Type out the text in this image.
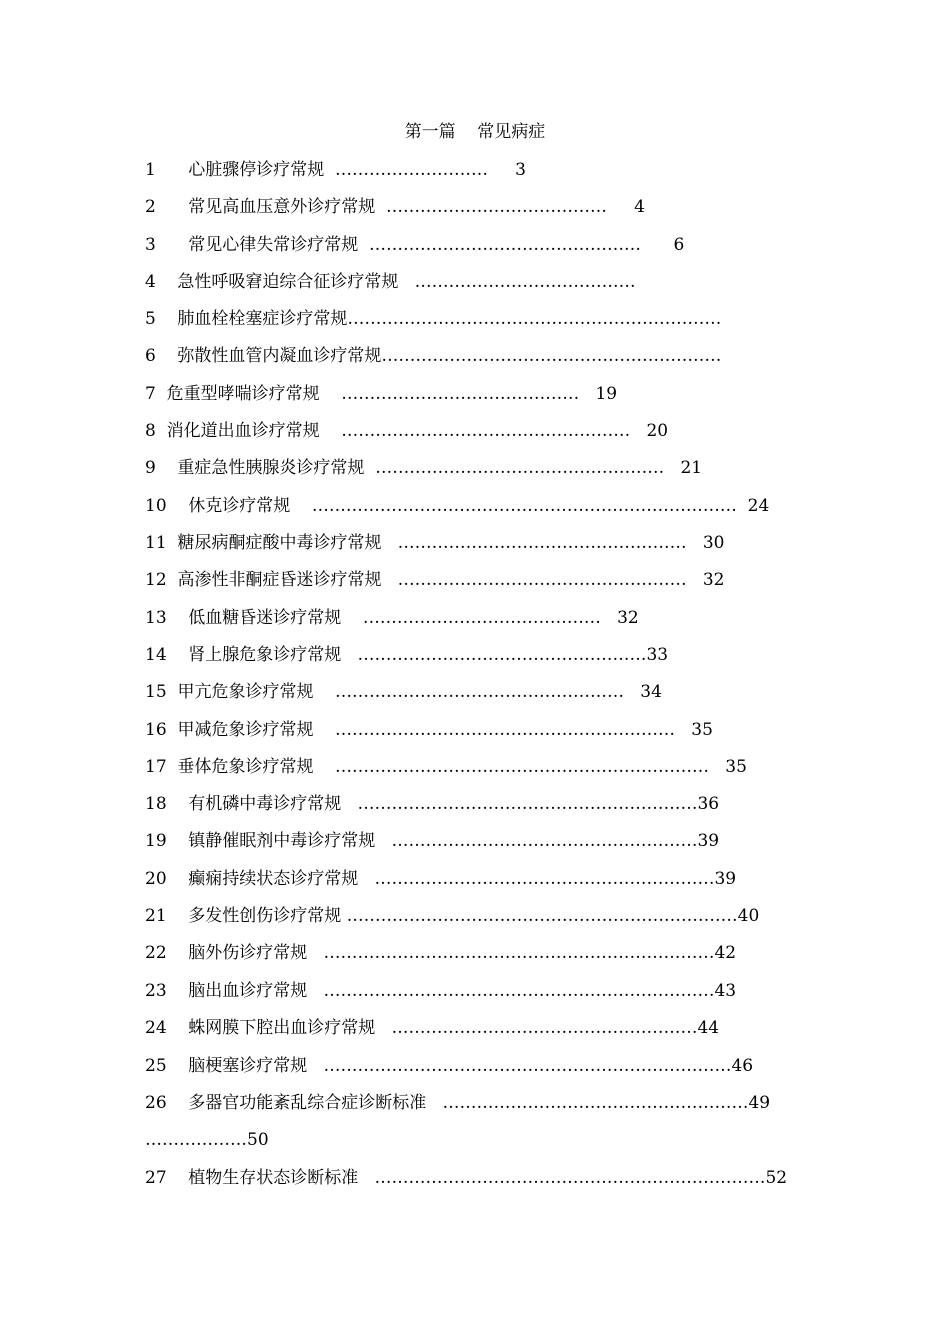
第一篇    常见病症
1      心脏骤停诊疗常规  ………………………     3
2      常见高血压意外诊疗常规  …………………………………     4
3      常见心律失常诊疗常规  …………………………………………      6
4    急性呼吸窘迫综合征诊疗常规   …………………………………
5    肺血栓栓塞症诊疗常规…………………………………………………………
6    弥散性血管内凝血诊疗常规……………………………………………………
7  危重型哮喘诊疗常规    ……………………………………   19
8  消化道出血诊疗常规    ……………………………………………   20
9    重症急性胰腺炎诊疗常规  ……………………………………………   21
10    休克诊疗常规    …………………………………………………………………  24
11  糖尿病酮症酸中毒诊疗常规   ……………………………………………   30
12  高渗性非酮症昏迷诊疗常规   ……………………………………………   32
13    低血糖昏迷诊疗常规    ……………………………………   32
14    肾上腺危象诊疗常规   ……………………………………………33
15  甲亢危象诊疗常规    ……………………………………………   34
16  甲减危象诊疗常规    ……………………………………………………   35
17  垂体危象诊疗常规    …………………………………………………………   35
18    有机磷中毒诊疗常规   ……………………………………………………36
19    镇静催眠剂中毒诊疗常规   ………………………………………………39
20    癫痫持续状态诊疗常规   ……………………………………………………39
21    多发性创伤诊疗常规 ……………………………………………………………40
22    脑外伤诊疗常规   ……………………………………………………………42
23    脑出血诊疗常规   ……………………………………………………………43
24    蛛网膜下腔出血诊疗常规   ………………………………………………44
25    脑梗塞诊疗常规   ………………………………………………………………46
26    多器官功能紊乱综合症诊断标准   ………………………………………………49
………………50
27    植物生存状态诊断标准   ……………………………………………………………52
